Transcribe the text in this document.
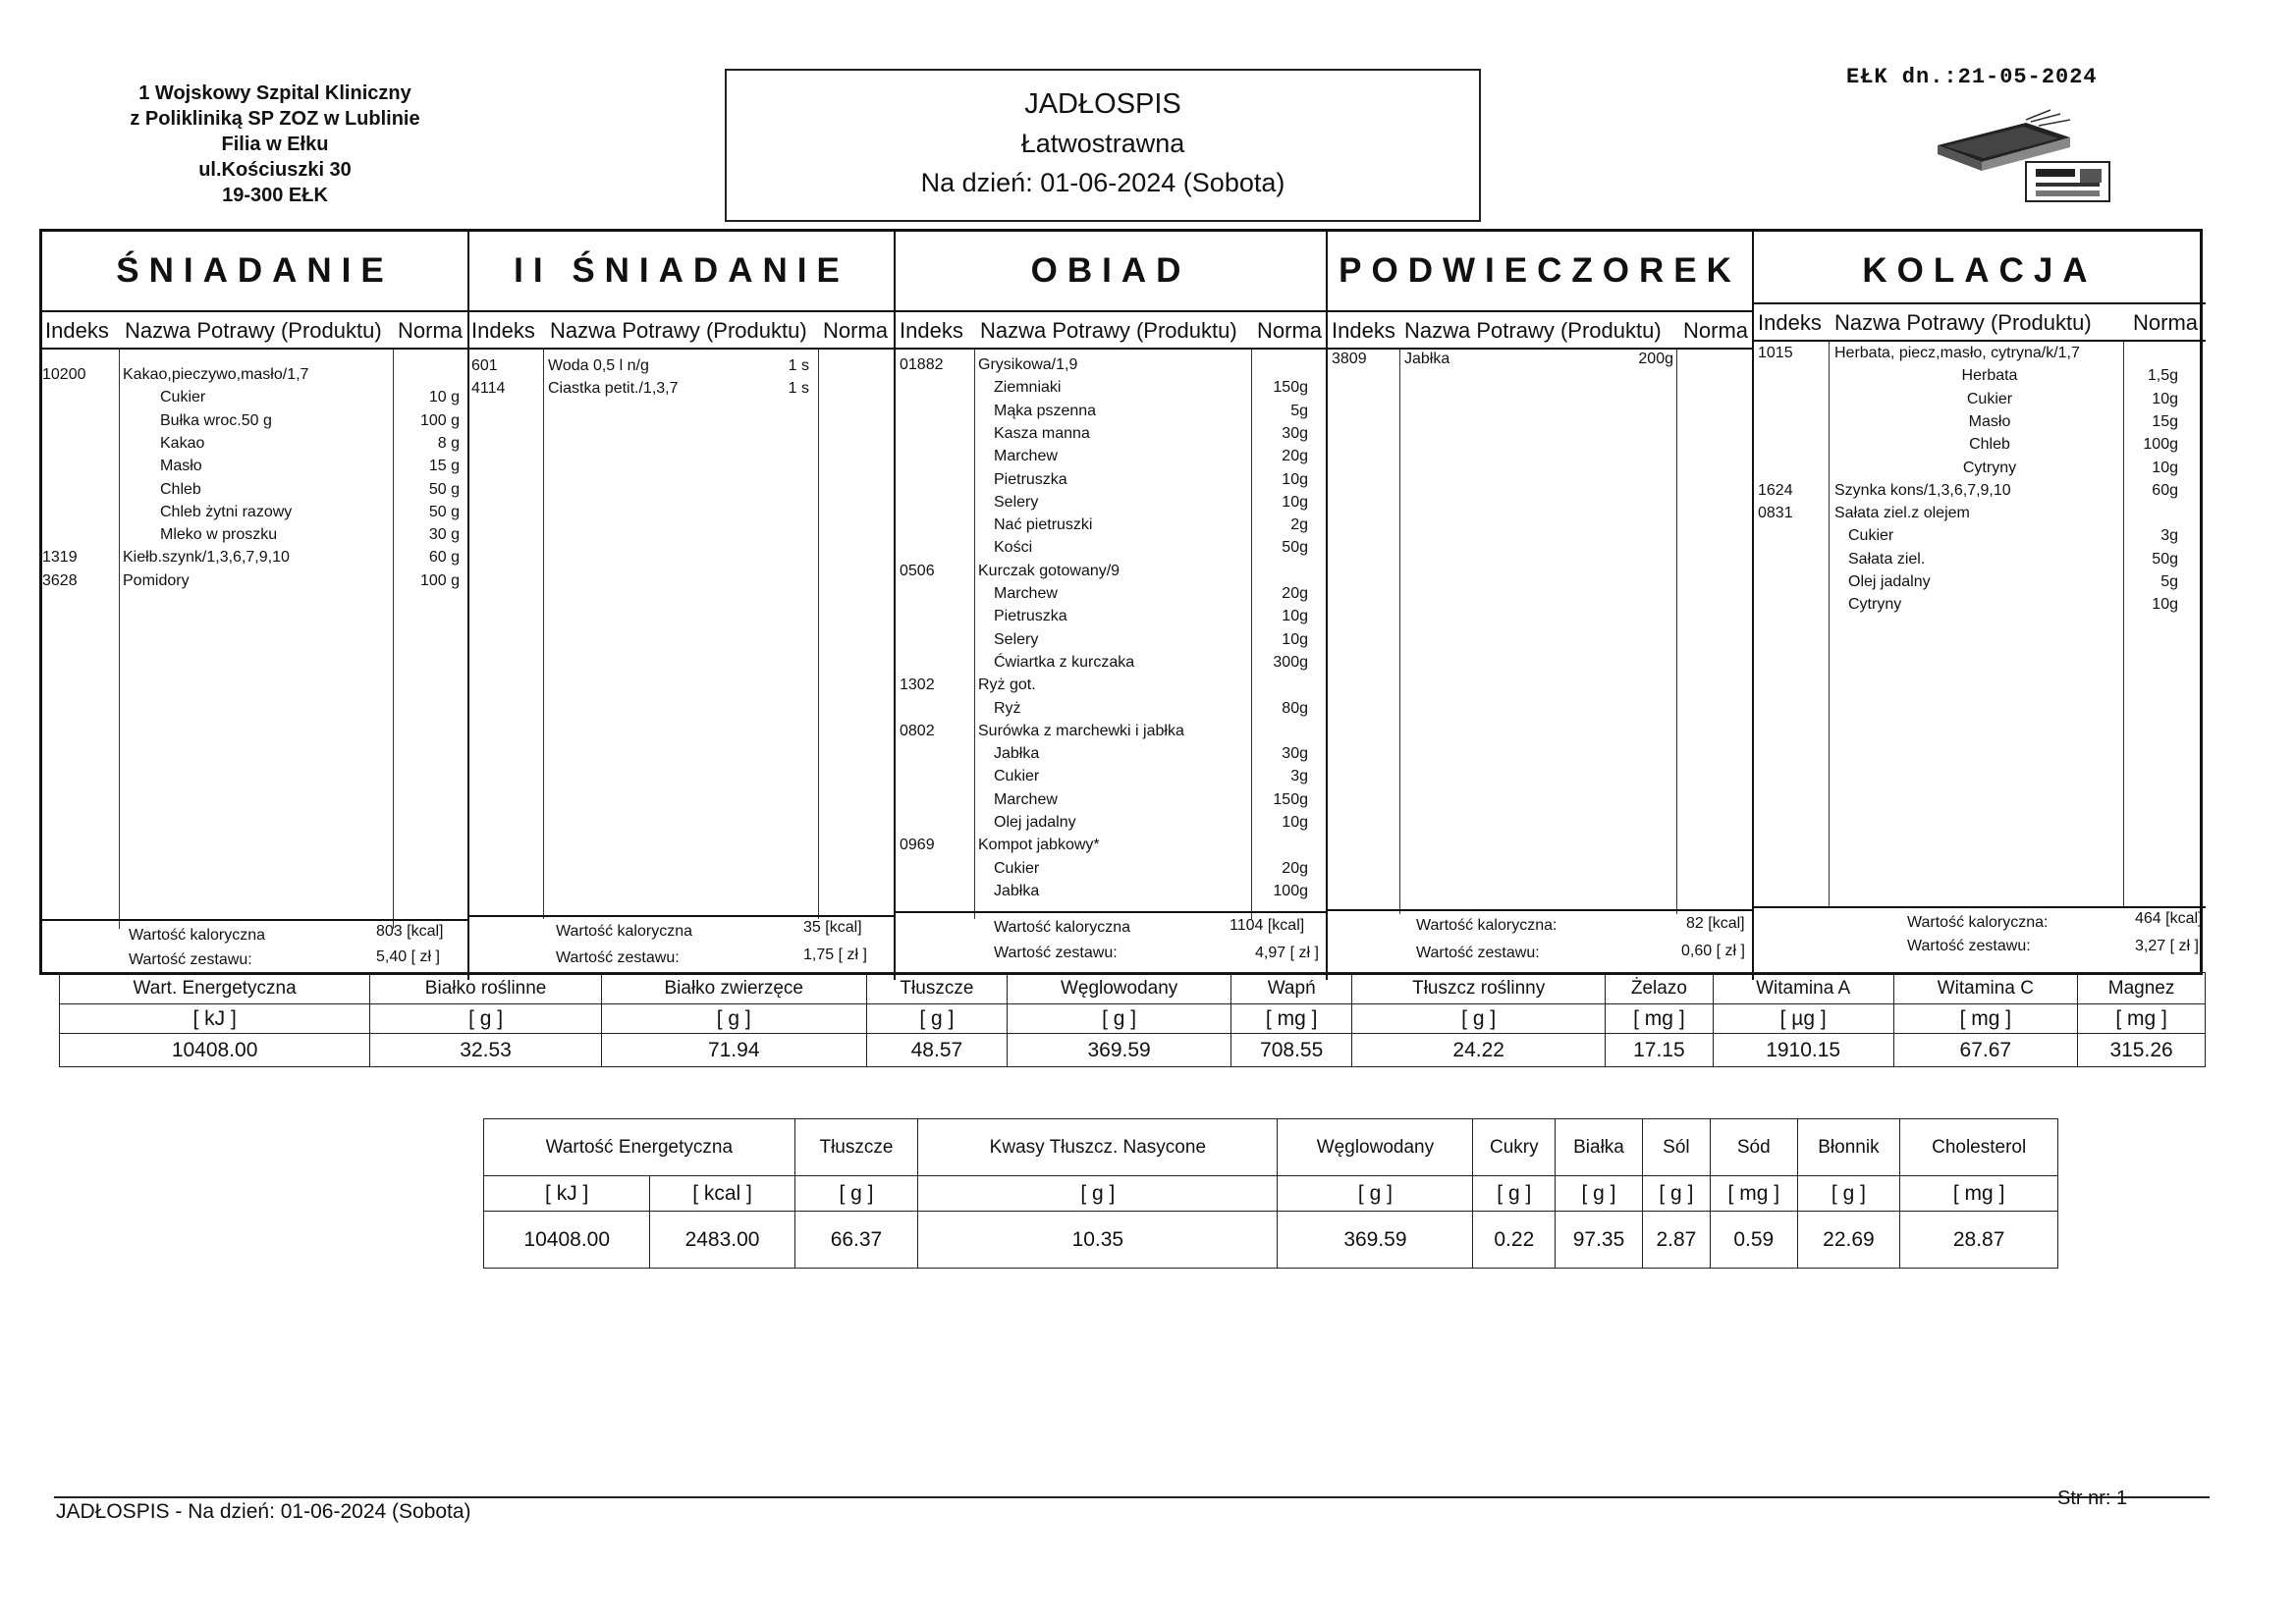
1 Wojskowy Szpital Kliniczny
z Polikliniką SP ZOZ w Lublinie
Filia w Ełku
ul.Kościuszki 30
19-300 EŁK
JADŁOSPIS
Łatwostrawna
Na dzień: 01-06-2024 (Sobota)
EŁK dn.:21-05-2024
ŚNIADANIE
Indeks Nazwa Potrawy (Produktu) Norma
10200 Kakao,pieczywo,masło/1,7
Cukier	10 g
Bułka wroc.50 g	100 g
Kakao	8 g
Masło	15 g
Chleb	50 g
Chleb żytni razowy	50 g
Mleko w proszku	30 g
1319	Kiełb.szynk/1,3,6,7,9,10	60 g
3628	Pomidory	100 g
Wartość kaloryczna	803 [kcal]
Wartość zestawu:	5,40 [ zł ]
II ŚNIADANIE
Indeks Nazwa Potrawy (Produktu) Norma
601	Woda 0,5 l n/g	1 s
4114	Ciastka petit./1,3,7	1 s
Wartość kaloryczna	35 [kcal]
Wartość zestawu:	1,75 [ zł ]
OBIAD
Indeks Nazwa Potrawy (Produktu) Norma
01882 Grysikowa/1,9
Ziemniaki	150g
Mąka pszenna	5g
Kasza manna	30g
Marchew	20g
Pietruszka	10g
Selery	10g
Nać pietruszki	2g
Kości	50g
0506	Kurczak gotowany/9
Marchew	20g
Pietruszka	10g
Selery	10g
Ćwiartka z kurczaka	300g
1302	Ryż got.
Ryż	80g
0802	Surówka z marchewki i jabłka
Jabłka	30g
Cukier	3g
Marchew	150g
Olej jadalny	10g
0969	Kompot jabkowy*
Cukier	20g
Jabłka	100g
Wartość kaloryczna	1104 [kcal]
Wartość zestawu:	4,97 [ zł ]
PODWIECZOREK
Indeks Nazwa Potrawy (Produktu) Norma
3809 Jabłka	200g
Wartość kaloryczna:	82 [kcal]
Wartość zestawu:	0,60 [ zł ]
KOLACJA
Indeks Nazwa Potrawy (Produktu) Norma
1015	Herbata, piecz,masło, cytryna/k/1,7
Herbata	1,5g
Cukier	10g
Masło	15g
Chleb	100g
Cytryny	10g
1624	Szynka kons/1,3,6,7,9,10	60g
0831	Sałata ziel.z olejem
Cukier	3g
Sałata ziel.	50g
Olej jadalny	5g
Cytryny	10g
Wartość kaloryczna:	464 [kcal]
Wartość zestawu:	3,27 [ zł ]
Wart. Energetyczna	Białko roślinne	Białko zwierzęce	Tłuszcze	Węglowodany	Wapń	Tłuszcz roślinny	Żelazo	Witamina A	Witamina C	Magnez
[ kJ ]	[ g ]	[ g ]	[ g ]	[ g ]	[ mg ]	[ g ]	[ mg ]	[ µg ]	[ mg ]	[ mg ]
10408.00	32.53	71.94	48.57	369.59	708.55	24.22	17.15	1910.15	67.67	315.26
Wartość Energetyczna		Tłuszcze	Kwasy Tłuszcz. Nasycone	Węglowodany	Cukry	Białka	Sól	Sód	Błonnik	Cholesterol
[ kJ ]	[ kcal ]	[ g ]	[ g ]	[ g ]	[ g ]	[ g ]	[ g ]	[ mg ]	[ g ]	[ mg ]
10408.00	2483.00	66.37	10.35	369.59	0.22	97.35	2.87	0.59	22.69	28.87
JADŁOSPIS - Na dzień: 01-06-2024 (Sobota)
Str nr: 1
